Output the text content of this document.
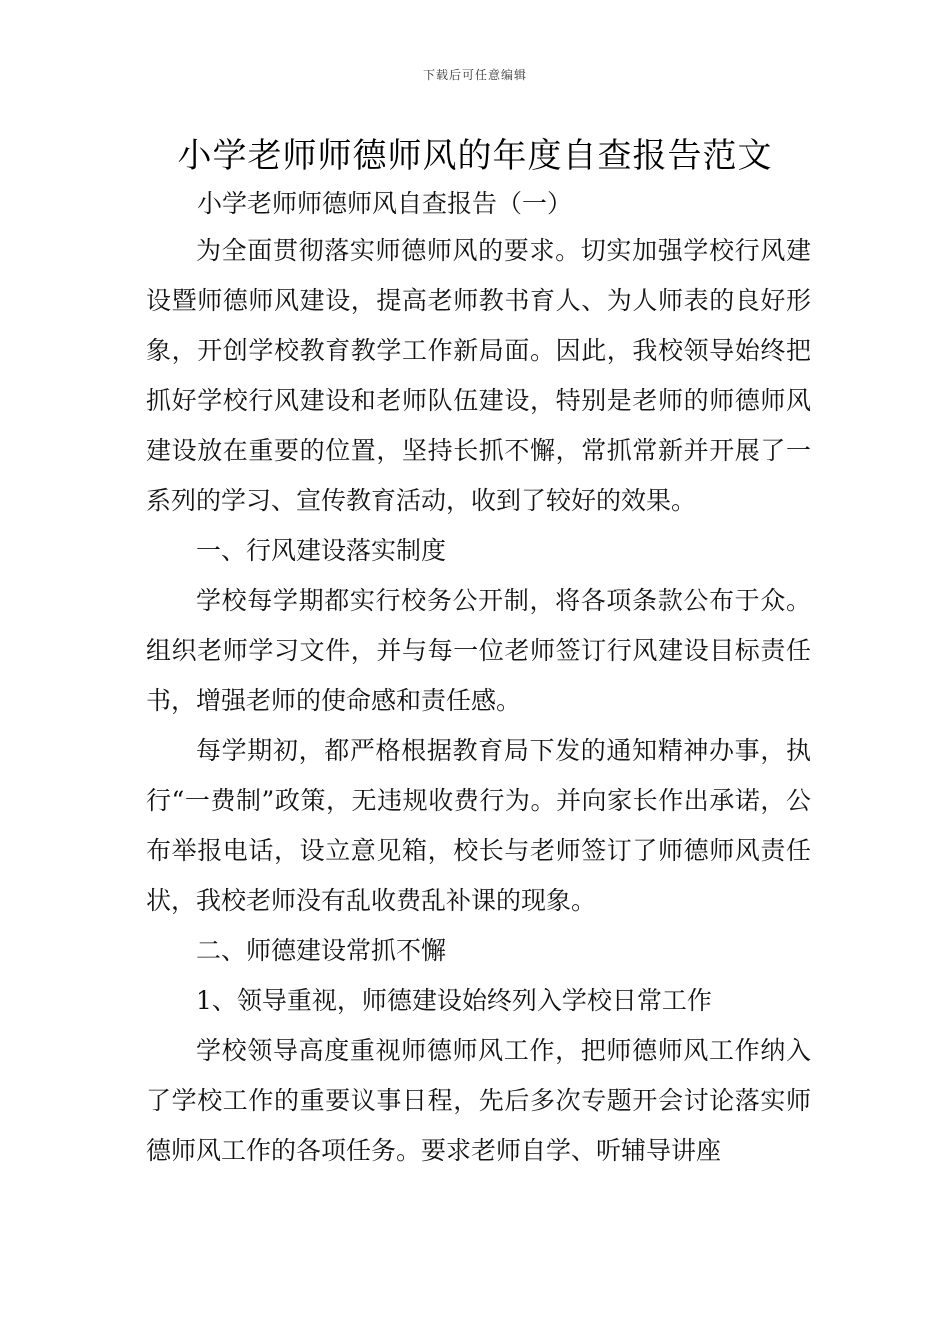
下载后可任意编辑
小学老师师德师风的年度自查报告范文
小学老师师德师风自查报告（一）

为全面贯彻落实师德师风的要求。切实加强学校行风建设暨师德师风建设，提高老师教书育人、为人师表的良好形象，开创学校教育教学工作新局面。因此，我校领导始终把抓好学校行风建设和老师队伍建设，特别是老师的师德师风建设放在重要的位置，坚持长抓不懈，常抓常新并开展了一系列的学习、宣传教育活动，收到了较好的效果。

一、行风建设落实制度

学校每学期都实行校务公开制，将各项条款公布于众。组织老师学习文件，并与每一位老师签订行风建设目标责任书，增强老师的使命感和责任感。

每学期初，都严格根据教育局下发的通知精神办事，执行“一费制”政策，无违规收费行为。并向家长作出承诺，公布举报电话，设立意见箱，校长与老师签订了师德师风责任状，我校老师没有乱收费乱补课的现象。

二、师德建设常抓不懈

1、领导重视，师德建设始终列入学校日常工作

学校领导高度重视师德师风工作，把师德师风工作纳入了学校工作的重要议事日程，先后多次专题开会讨论落实师德师风工作的各项任务。要求老师自学、听辅导讲座
